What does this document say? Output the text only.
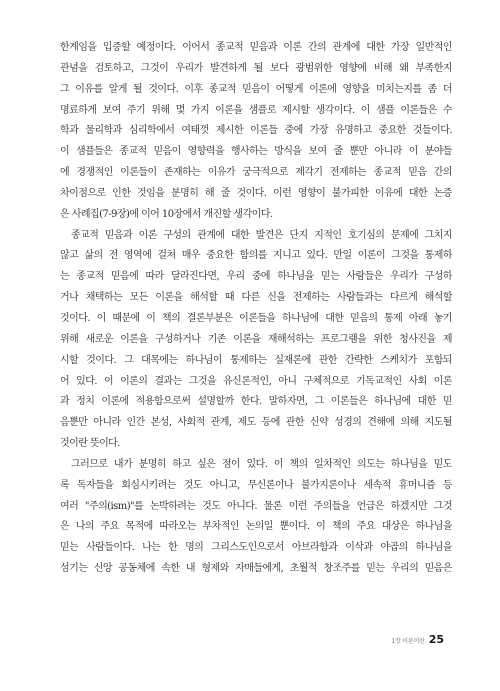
한계임을 입증할 예정이다. 이어서 종교적 믿음과 이론 간의 관계에 대한 가장 일반적인
관념을 검토하고, 그것이 우리가 발견하게 될 보다 광범위한 영향에 비해 왜 부족한지
그 이유를 알게 될 것이다. 이후 종교적 믿음이 어떻게 이론에 영향을 미치는지를 좀 더
명료하게 보여 주기 위해 몇 가지 이론을 샘플로 제시할 생각이다. 이 샘플 이론들은 수
학과 물리학과 심리학에서 여태껏 제시한 이론들 중에 가장 유명하고 중요한 것들이다.
이 샘플들은 종교적 믿음이 영향력을 행사하는 방식을 보여 줄 뿐만 아니라 이 분야들
에 경쟁적인 이론들이 존재하는 이유가 궁극적으로 제각기 전제하는 종교적 믿음 간의
차이점으로 인한 것임을 분명히 해 줄 것이다. 이런 영향이 불가피한 이유에 대한 논증
은 사례집(7-9장)에 이어 10장에서 개진할 생각이다.
종교적 믿음과 이론 구성의 관계에 대한 발견은 단지 지적인 호기심의 문제에 그치지
않고 삶의 전 영역에 걸쳐 매우 중요한 함의를 지니고 있다. 만일 이론이 그것을 통제하
는 종교적 믿음에 따라 달라진다면, 우리 중에 하나님을 믿는 사람들은 우리가 구성하
거나 채택하는 모든 이론을 해석할 때 다른 신을 전제하는 사람들과는 다르게 해석할
것이다. 이 때문에 이 책의 결론부분은 이론들을 하나님에 대한 믿음의 통제 아래 놓기
위해 새로운 이론을 구성하거나 기존 이론을 재해석하는 프로그램을 위한 청사진을 제
시할 것이다. 그 대목에는 하나님이 통제하는 실재론에 관한 간략한 스케치가 포함되
어 있다. 이 이론의 결과는 그것을 유신론적인, 아니 구체적으로 기독교적인 사회 이론
과 정치 이론에 적용함으로써 설명할까 한다. 말하자면, 그 이론들은 하나님에 대한 믿
음뿐만 아니라 인간 본성, 사회적 관계, 제도 등에 관한 신약 성경의 견해에 의해 지도될
것이란 뜻이다.
그러므로 내가 분명히 하고 싶은 점이 있다. 이 책의 일차적인 의도는 하나님을 믿도
록 독자들을 회심시키려는 것도 아니고, 무신론이나 불가지론이나 세속적 휴머니즘 등
여러 "주의(ism)"를 논박하려는 것도 아니다. 물론 이런 주의들을 언급은 하겠지만 그것
은 나의 주요 목적에 따라오는 부차적인 논의일 뿐이다. 이 책의 주요 대상은 하나님을
믿는 사람들이다. 나는 한 명의 그리스도인으로서 아브라함과 이삭과 야곱의 하나님을
섬기는 신앙 공동체에 속한 내 형제와 자매들에게, 초월적 창조주를 믿는 우리의 믿음은
1장 이론이란 25
